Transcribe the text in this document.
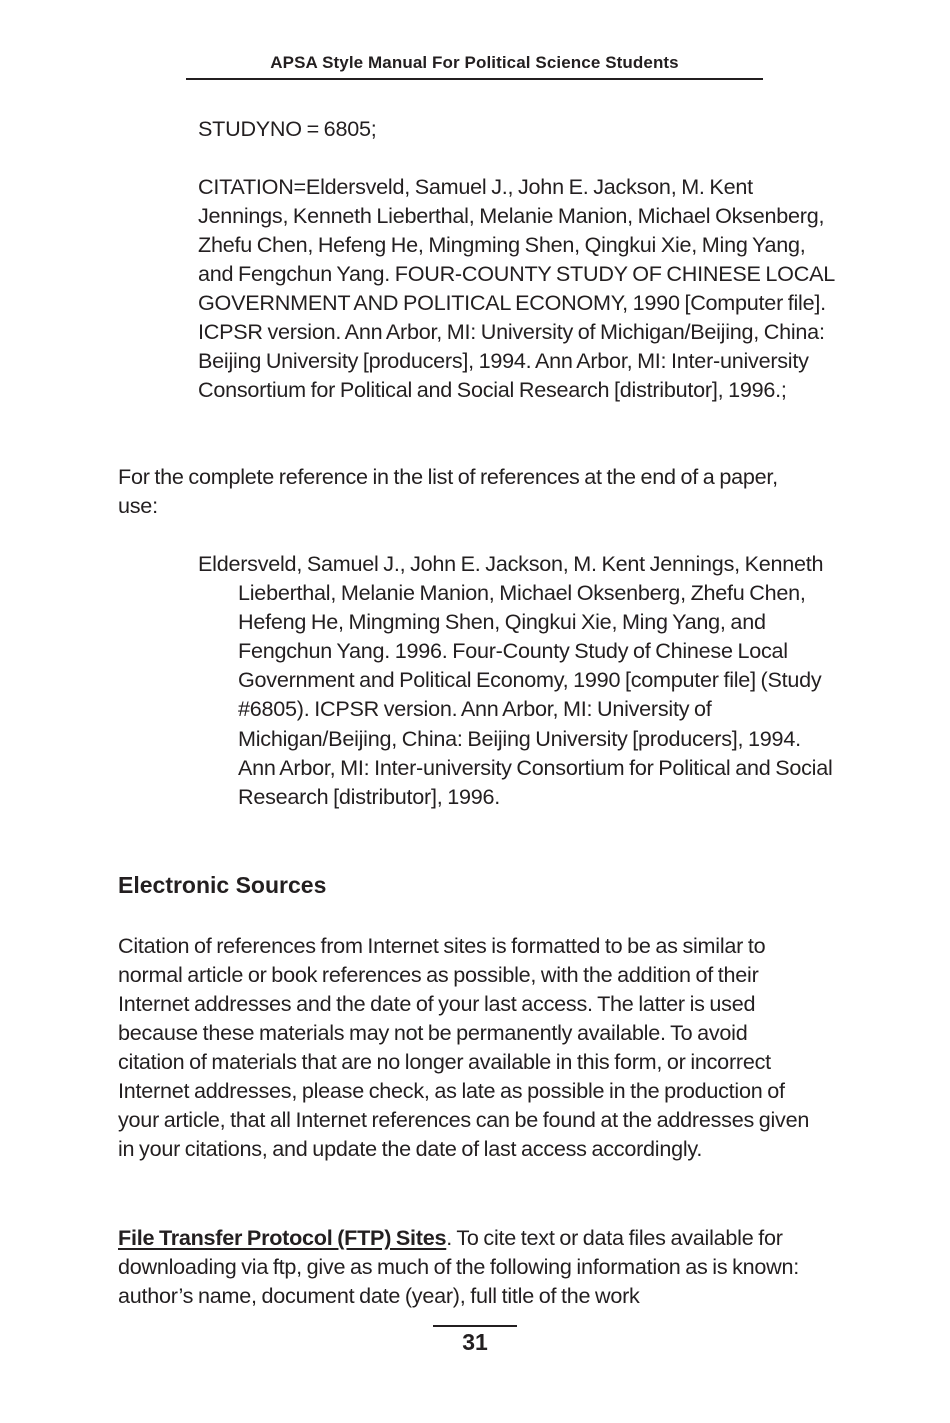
APSA Style Manual For Political Science Students

STUDYNO = 6805;

CITATION=Eldersveld, Samuel J., John E. Jackson, M. Kent Jennings, Kenneth Lieberthal, Melanie Manion, Michael Oksenberg, Zhefu Chen, Hefeng He, Mingming Shen, Qingkui Xie, Ming Yang, and Fengchun Yang. FOUR-COUNTY STUDY OF CHINESE LOCAL GOVERNMENT AND POLITICAL ECONOMY, 1990 [Computer file]. ICPSR version. Ann Arbor, MI: University of Michigan/Beijing, China: Beijing University [producers], 1994. Ann Arbor, MI: Inter-university Consortium for Political and Social Research [distributor], 1996.;

For the complete reference in the list of references at the end of a paper, use:

Eldersveld, Samuel J., John E. Jackson, M. Kent Jennings, Kenneth Lieberthal, Melanie Manion, Michael Oksenberg, Zhefu Chen, Hefeng He, Mingming Shen, Qingkui Xie, Ming Yang, and Fengchun Yang. 1996. Four-County Study of Chinese Local Government and Political Economy, 1990 [computer file] (Study #6805). ICPSR version. Ann Arbor, MI: University of Michigan/Beijing, China: Beijing University [producers], 1994. Ann Arbor, MI: Inter-university Consortium for Political and Social Research [distributor], 1996.

Electronic Sources

Citation of references from Internet sites is formatted to be as similar to normal article or book references as possible, with the addition of their Internet addresses and the date of your last access. The latter is used because these materials may not be permanently available. To avoid citation of materials that are no longer available in this form, or incorrect Internet addresses, please check, as late as possible in the production of your article, that all Internet references can be found at the addresses given in your citations, and update the date of last access accordingly.

File Transfer Protocol (FTP) Sites. To cite text or data files available for downloading via ftp, give as much of the following information as is known: author’s name, document date (year), full title of the work

31
